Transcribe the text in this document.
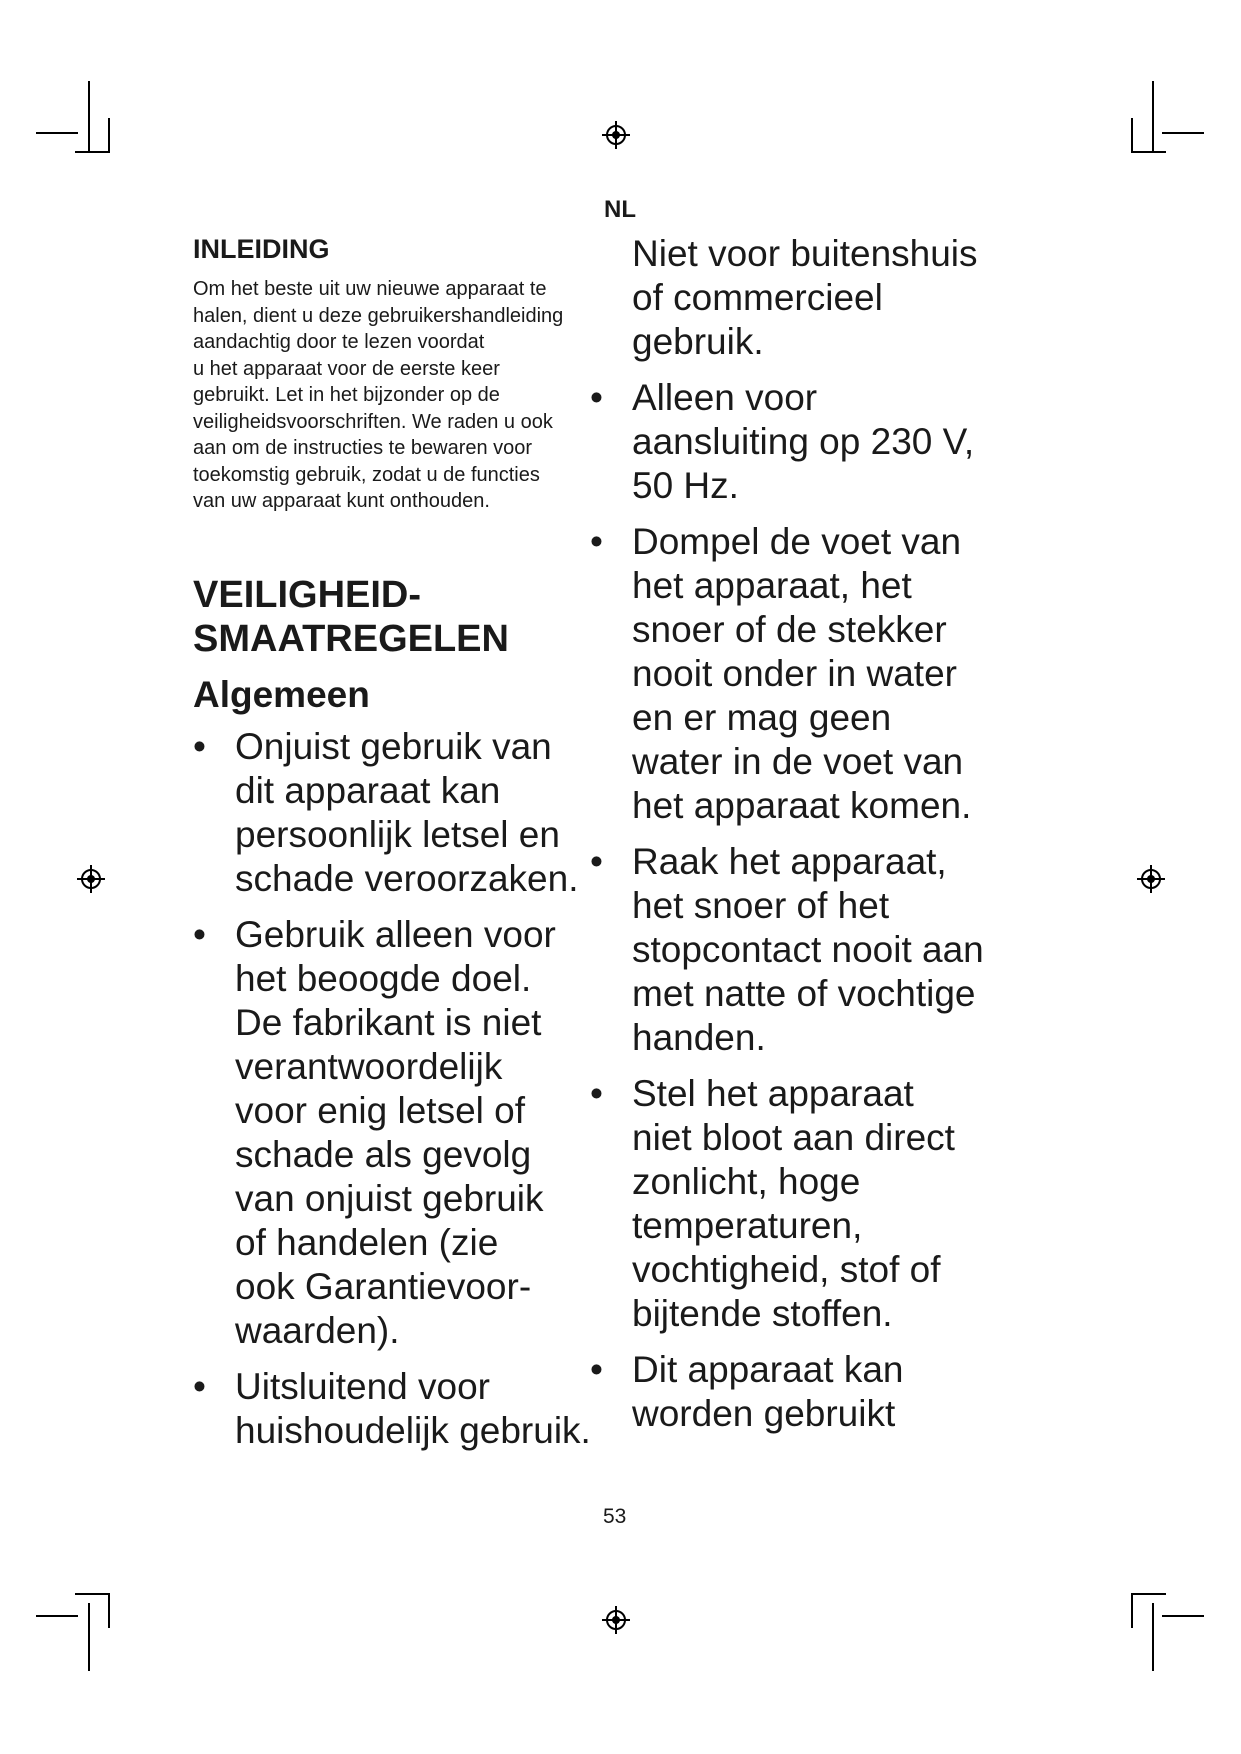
NL
INLEIDING

Om het beste uit uw nieuwe apparaat te
halen, dient u deze gebruikershandleiding
aandachtig door te lezen voordat
u het apparaat voor de eerste keer
gebruikt. Let in het bijzonder op de
veiligheidsvoorschriften. We raden u ook
aan om de instructies te bewaren voor
toekomstig gebruik, zodat u de functies
van uw apparaat kunt onthouden.

VEILIGHEID-
SMAATREGELEN
Algemeen
• Onjuist gebruik van
dit apparaat kan
persoonlijk letsel en
schade veroorzaken.
• Gebruik alleen voor
het beoogde doel.
De fabrikant is niet
verantwoordelijk
voor enig letsel of
schade als gevolg
van onjuist gebruik
of handelen (zie
ook Garantievoor-
waarden).
• Uitsluitend voor
huishoudelijk gebruik.

Niet voor buitenshuis
of commercieel
gebruik.

• Alleen voor
aansluiting op 230 V,
50 Hz.
• Dompel de voet van
het apparaat, het
snoer of de stekker
nooit onder in water
en er mag geen
water in de voet van
het apparaat komen.
• Raak het apparaat,
het snoer of het
stopcontact nooit aan
met natte of vochtige
handen.
• Stel het apparaat
niet bloot aan direct
zonlicht, hoge
temperaturen,
vochtigheid, stof of
bijtende stoffen.
• Dit apparaat kan
worden gebruikt
53
